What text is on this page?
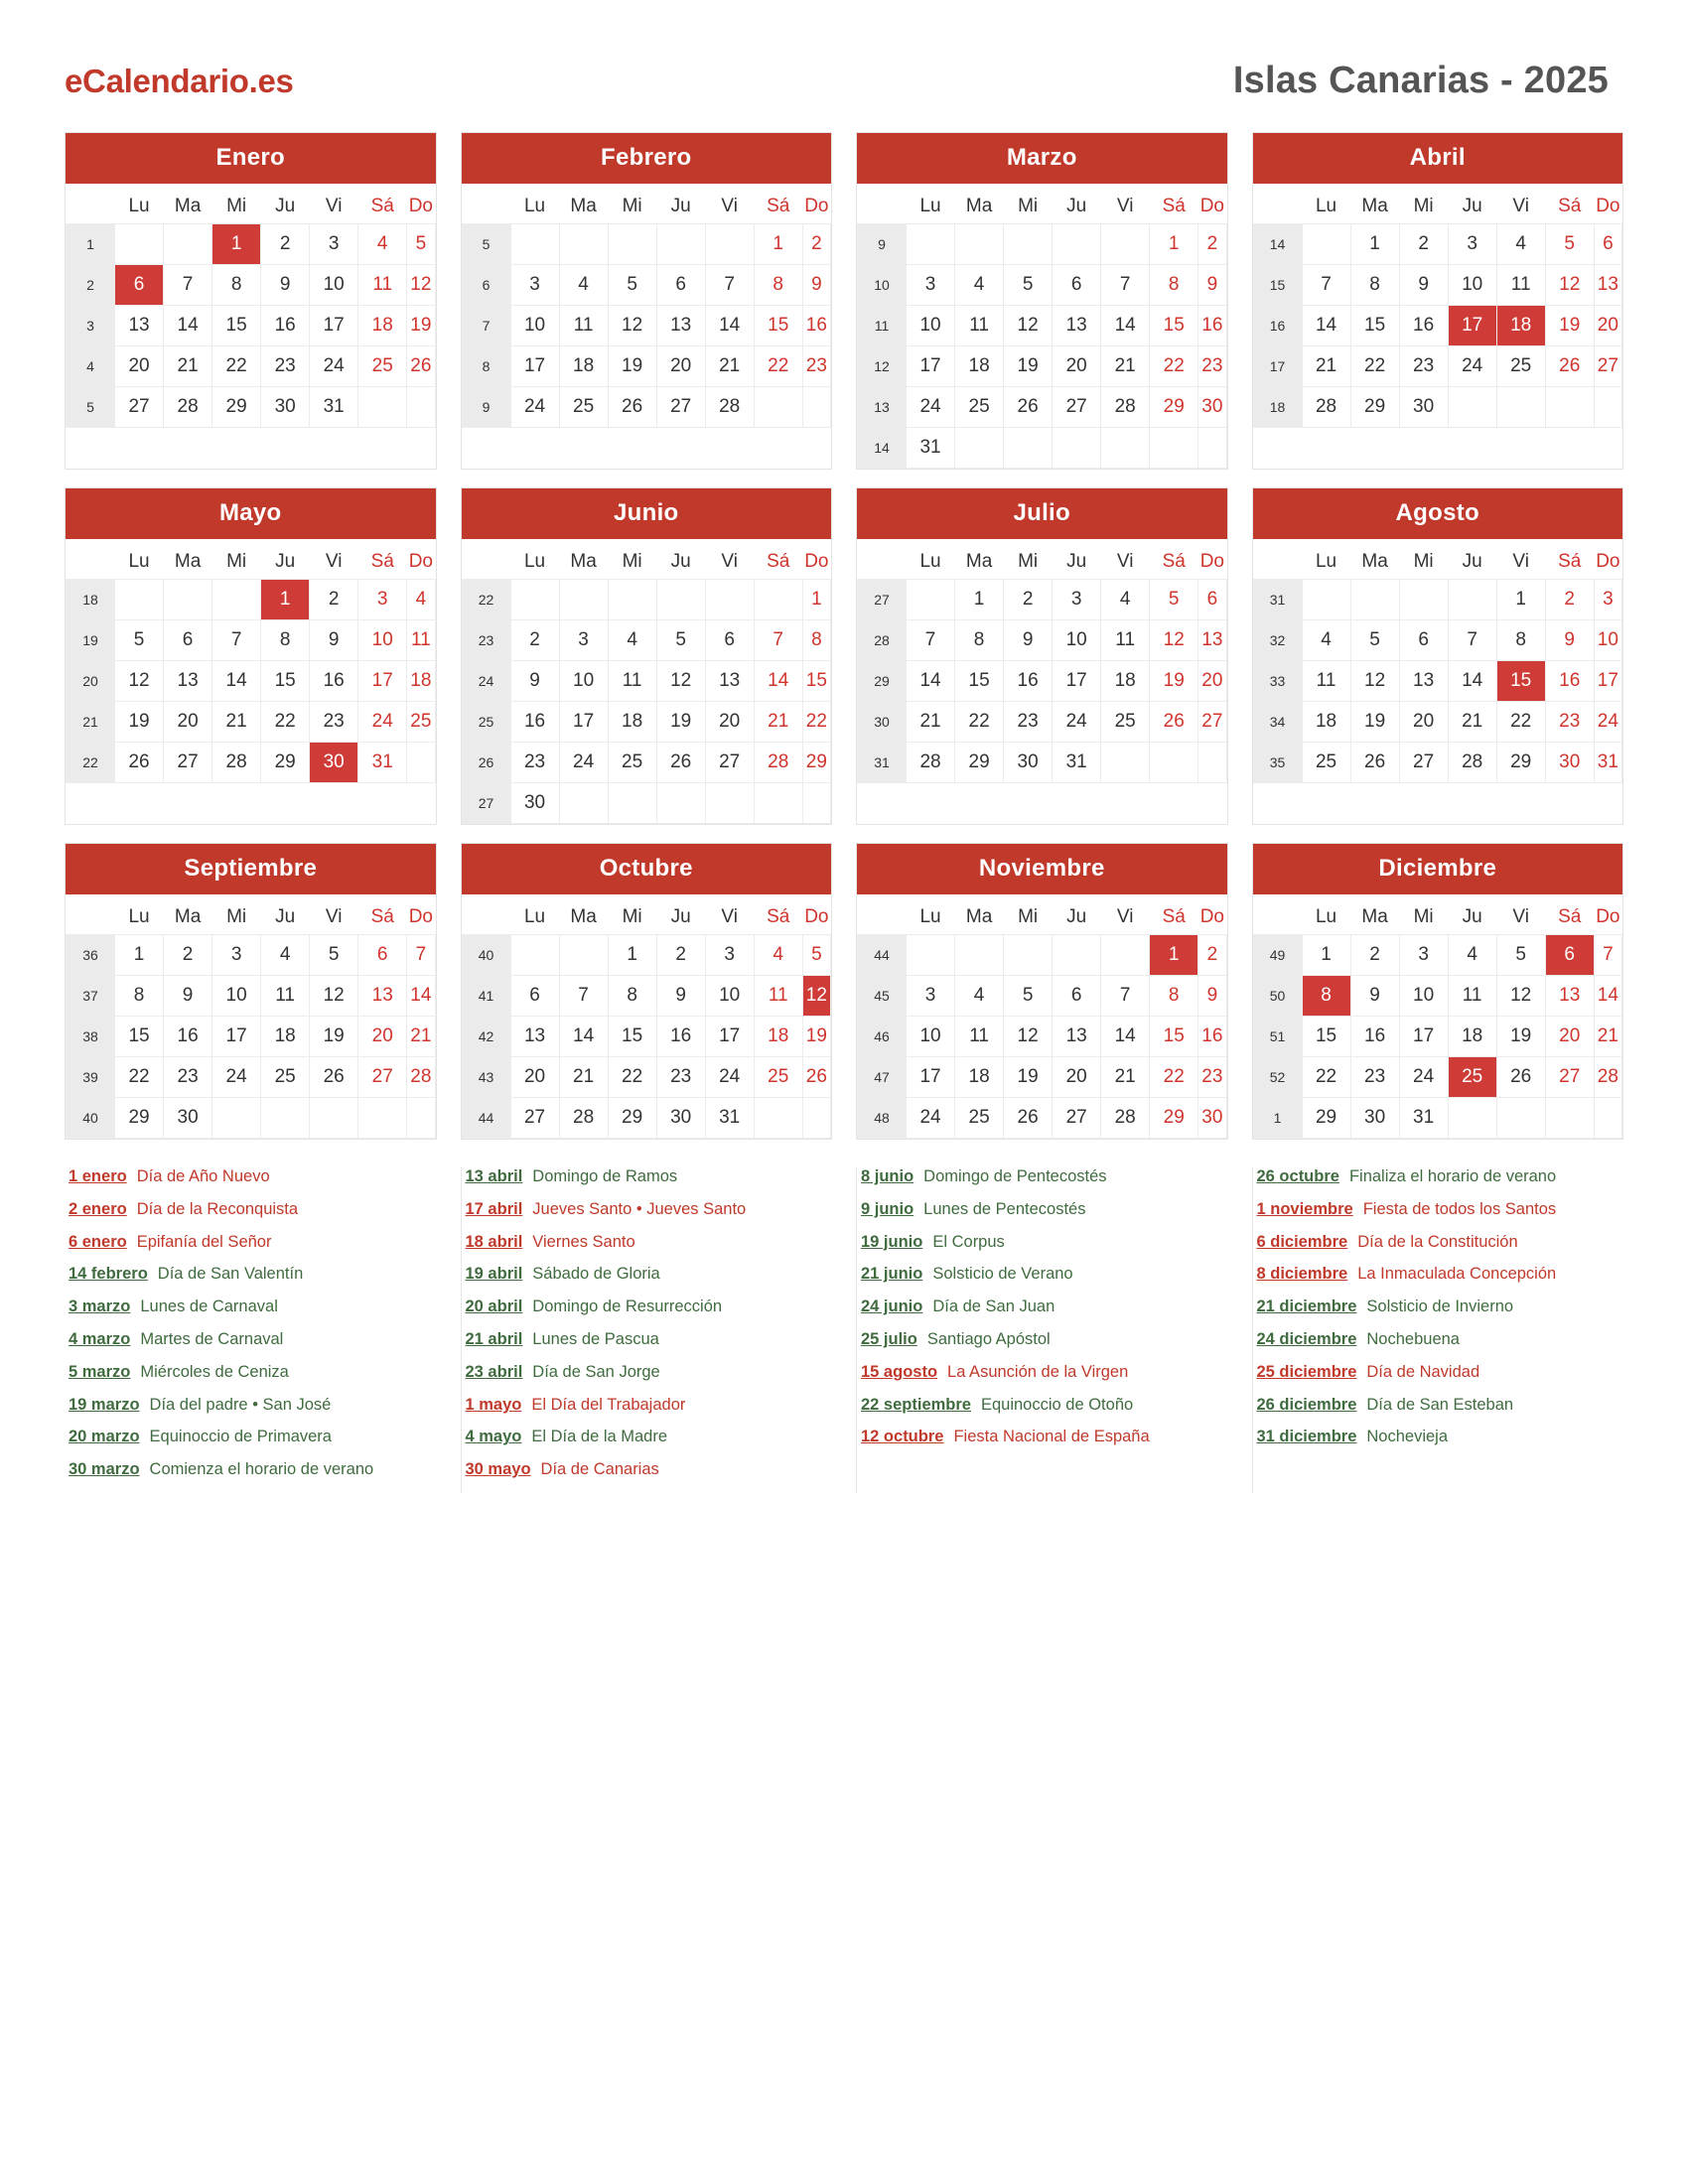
eCalendario.es	Islas Canarias - 2025
Enero
	Lu	Ma	Mi	Ju	Vi	Sá	Do
1			1	2	3	4	5
2	6	7	8	9	10	11	12
3	13	14	15	16	17	18	19
4	20	21	22	23	24	25	26
5	27	28	29	30	31		
Febrero
	Lu	Ma	Mi	Ju	Vi	Sá	Do
5						1	2
6	3	4	5	6	7	8	9
7	10	11	12	13	14	15	16
8	17	18	19	20	21	22	23
9	24	25	26	27	28		
Marzo
	Lu	Ma	Mi	Ju	Vi	Sá	Do
9						1	2
10	3	4	5	6	7	8	9
11	10	11	12	13	14	15	16
12	17	18	19	20	21	22	23
13	24	25	26	27	28	29	30
14	31						
Abril
	Lu	Ma	Mi	Ju	Vi	Sá	Do
14		1	2	3	4	5	6
15	7	8	9	10	11	12	13
16	14	15	16	17	18	19	20
17	21	22	23	24	25	26	27
18	28	29	30				
Mayo
	Lu	Ma	Mi	Ju	Vi	Sá	Do
18				1	2	3	4
19	5	6	7	8	9	10	11
20	12	13	14	15	16	17	18
21	19	20	21	22	23	24	25
22	26	27	28	29	30	31	
Junio
	Lu	Ma	Mi	Ju	Vi	Sá	Do
22							1
23	2	3	4	5	6	7	8
24	9	10	11	12	13	14	15
25	16	17	18	19	20	21	22
26	23	24	25	26	27	28	29
27	30						
Julio
	Lu	Ma	Mi	Ju	Vi	Sá	Do
27		1	2	3	4	5	6
28	7	8	9	10	11	12	13
29	14	15	16	17	18	19	20
30	21	22	23	24	25	26	27
31	28	29	30	31			
Agosto
	Lu	Ma	Mi	Ju	Vi	Sá	Do
31					1	2	3
32	4	5	6	7	8	9	10
33	11	12	13	14	15	16	17
34	18	19	20	21	22	23	24
35	25	26	27	28	29	30	31
Septiembre
	Lu	Ma	Mi	Ju	Vi	Sá	Do
36	1	2	3	4	5	6	7
37	8	9	10	11	12	13	14
38	15	16	17	18	19	20	21
39	22	23	24	25	26	27	28
40	29	30					
Octubre
	Lu	Ma	Mi	Ju	Vi	Sá	Do
40			1	2	3	4	5
41	6	7	8	9	10	11	12
42	13	14	15	16	17	18	19
43	20	21	22	23	24	25	26
44	27	28	29	30	31		
Noviembre
	Lu	Ma	Mi	Ju	Vi	Sá	Do
44						1	2
45	3	4	5	6	7	8	9
46	10	11	12	13	14	15	16
47	17	18	19	20	21	22	23
48	24	25	26	27	28	29	30
Diciembre
	Lu	Ma	Mi	Ju	Vi	Sá	Do
49	1	2	3	4	5	6	7
50	8	9	10	11	12	13	14
51	15	16	17	18	19	20	21
52	22	23	24	25	26	27	28
1	29	30	31				
1 enero Día de Año Nuevo
2 enero Día de la Reconquista
6 enero Epifanía del Señor
14 febrero Día de San Valentín
3 marzo Lunes de Carnaval
4 marzo Martes de Carnaval
5 marzo Miércoles de Ceniza
19 marzo Día del padre • San José
20 marzo Equinoccio de Primavera
30 marzo Comienza el horario de verano
13 abril Domingo de Ramos
17 abril Jueves Santo • Jueves Santo
18 abril Viernes Santo
19 abril Sábado de Gloria
20 abril Domingo de Resurrección
21 abril Lunes de Pascua
23 abril Día de San Jorge
1 mayo El Día del Trabajador
4 mayo El Día de la Madre
30 mayo Día de Canarias
8 junio Domingo de Pentecostés
9 junio Lunes de Pentecostés
19 junio El Corpus
21 junio Solsticio de Verano
24 junio Día de San Juan
25 julio Santiago Apóstol
15 agosto La Asunción de la Virgen
22 septiembre Equinoccio de Otoño
12 octubre Fiesta Nacional de España
26 octubre Finaliza el horario de verano
1 noviembre Fiesta de todos los Santos
6 diciembre Día de la Constitución
8 diciembre La Inmaculada Concepción
21 diciembre Solsticio de Invierno
24 diciembre Nochebuena
25 diciembre Día de Navidad
26 diciembre Día de San Esteban
31 diciembre Nochevieja
